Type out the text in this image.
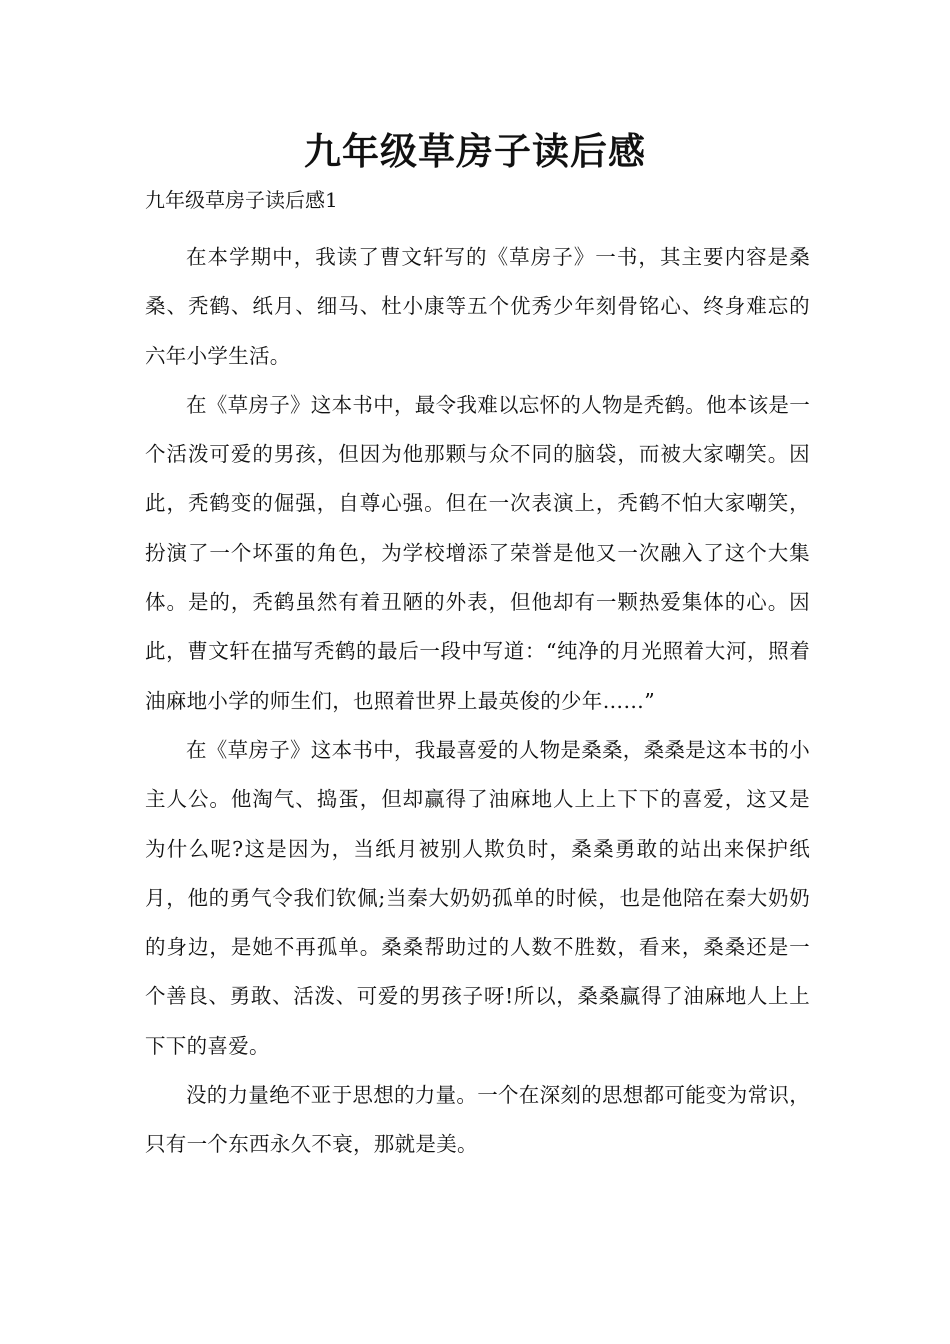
九年级草房子读后感

九年级草房子读后感1

在本学期中，我读了曹文轩写的《草房子》一书，其主要内容是桑桑、秃鹤、纸月、细马、杜小康等五个优秀少年刻骨铭心、终身难忘的六年小学生活。

在《草房子》这本书中，最令我难以忘怀的人物是秃鹤。他本该是一个活泼可爱的男孩，但因为他那颗与众不同的脑袋，而被大家嘲笑。因此，秃鹤变的倔强，自尊心强。但在一次表演上，秃鹤不怕大家嘲笑，扮演了一个坏蛋的角色，为学校增添了荣誉是他又一次融入了这个大集体。是的，秃鹤虽然有着丑陋的外表，但他却有一颗热爱集体的心。因此，曹文轩在描写秃鹤的最后一段中写道：“纯净的月光照着大河，照着油麻地小学的师生们，也照着世界上最英俊的少年……”

在《草房子》这本书中，我最喜爱的人物是桑桑，桑桑是这本书的小主人公。他淘气、捣蛋，但却赢得了油麻地人上上下下的喜爱，这又是为什么呢?这是因为，当纸月被别人欺负时，桑桑勇敢的站出来保护纸月，他的勇气令我们钦佩;当秦大奶奶孤单的时候，也是他陪在秦大奶奶的身边，是她不再孤单。桑桑帮助过的人数不胜数，看来，桑桑还是一个善良、勇敢、活泼、可爱的男孩子呀!所以，桑桑赢得了油麻地人上上下下的喜爱。

没的力量绝不亚于思想的力量。一个在深刻的思想都可能变为常识，只有一个东西永久不衰，那就是美。
